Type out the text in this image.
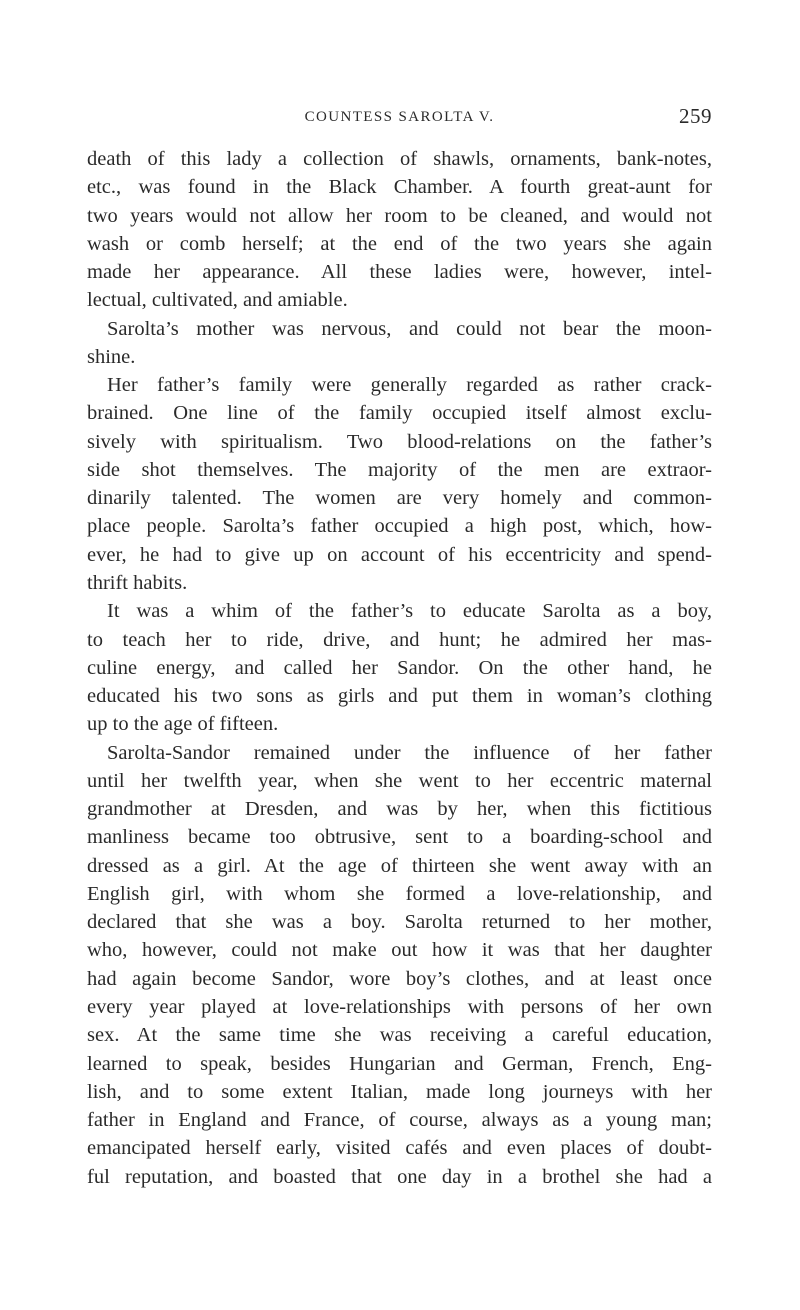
COUNTESS SAROLTA V.	259
death of this lady a collection of shawls, ornaments, bank-notes,
etc., was found in the Black Chamber. A fourth great-aunt for
two years would not allow her room to be cleaned, and would not
wash or comb herself; at the end of the two years she again
made her appearance. All these ladies were, however, intel-
lectual, cultivated, and amiable.
Sarolta’s mother was nervous, and could not bear the moon-
shine.
Her father’s family were generally regarded as rather crack-
brained. One line of the family occupied itself almost exclu-
sively with spiritualism. Two blood-relations on the father’s
side shot themselves. The majority of the men are extraor-
dinarily talented. The women are very homely and common-
place people. Sarolta’s father occupied a high post, which, how-
ever, he had to give up on account of his eccentricity and spend-
thrift habits.
It was a whim of the father’s to educate Sarolta as a boy,
to teach her to ride, drive, and hunt; he admired her mas-
culine energy, and called her Sandor. On the other hand, he
educated his two sons as girls and put them in woman’s clothing
up to the age of fifteen.
Sarolta-Sandor remained under the influence of her father
until her twelfth year, when she went to her eccentric maternal
grandmother at Dresden, and was by her, when this fictitious
manliness became too obtrusive, sent to a boarding-school and
dressed as a girl. At the age of thirteen she went away with an
English girl, with whom she formed a love-relationship, and
declared that she was a boy. Sarolta returned to her mother,
who, however, could not make out how it was that her daughter
had again become Sandor, wore boy’s clothes, and at least once
every year played at love-relationships with persons of her own
sex. At the same time she was receiving a careful education,
learned to speak, besides Hungarian and German, French, Eng-
lish, and to some extent Italian, made long journeys with her
father in England and France, of course, always as a young man;
emancipated herself early, visited cafés and even places of doubt-
ful reputation, and boasted that one day in a brothel she had a
